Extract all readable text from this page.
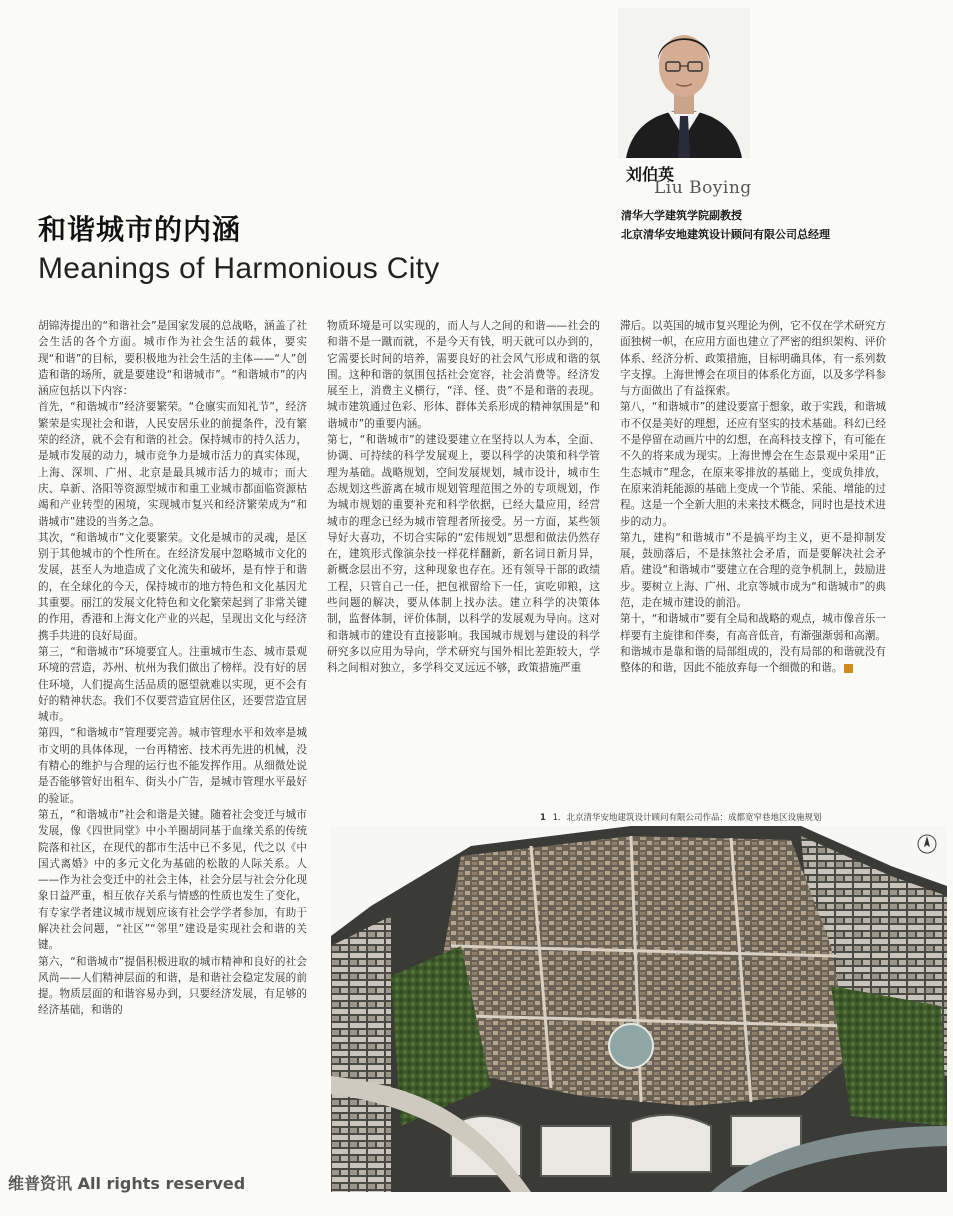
刘伯英
Liu Boying
清华大学建筑学院副教授
北京清华安地建筑设计顾问有限公司总经理
和谐城市的内涵
Meanings of Harmonious City

胡锦涛提出的“和谐社会”是国家发展的总战略，涵盖了社会生活的各个方面。城市作为社会生活的载体，要实现“和谐”的目标，要积极地为社会生活的主体——“人”创造和谐的场所，就是要建设“和谐城市”。“和谐城市”的内涵应包括以下内容：

首先，“和谐城市”经济要繁荣。“仓廪实而知礼节”，经济繁荣是实现社会和谐，人民安居乐业的前提条件，没有繁荣的经济，就不会有和谐的社会。保持城市的持久活力，是城市发展的动力，城市竞争力是城市活力的真实体现，上海、深圳、广州、北京是最具城市活力的城市；而大庆、阜新、洛阳等资源型城市和重工业城市都面临资源枯竭和产业转型的困境，实现城市复兴和经济繁荣成为“和谐城市”建设的当务之急。

其次，“和谐城市”文化要繁荣。文化是城市的灵魂，是区别于其他城市的个性所在。在经济发展中忽略城市文化的发展，甚至人为地造成了文化流失和破坏，是有悖于和谐的，在全球化的今天，保持城市的地方特色和文化基因尤其重要。丽江的发展文化特色和文化繁荣起到了非常关键的作用，香港和上海文化产业的兴起，呈现出文化与经济携手共进的良好局面。

第三，“和谐城市”环境要宜人。注重城市生态、城市景观环境的营造，苏州、杭州为我们做出了榜样。没有好的居住环境，人们提高生活品质的愿望就难以实现，更不会有好的精神状态。我们不仅要营造宜居住区，还要营造宜居城市。

第四，“和谐城市”管理要完善。城市管理水平和效率是城市文明的具体体现，一台再精密、技术再先进的机械，没有精心的维护与合理的运行也不能发挥作用。从细微处说是否能够管好出租车、街头小广告，是城市管理水平最好的验证。

第五，“和谐城市”社会和谐是关键。随着社会变迁与城市发展，像《四世同堂》中小羊圈胡同基于血缘关系的传统院落和社区，在现代的都市生活中已不多见，代之以《中国式离婚》中的多元文化为基础的松散的人际关系。人——作为社会变迁中的社会主体，社会分层与社会分化现象日益严重，相互依存关系与情感的性质也发生了变化，有专家学者建议城市规划应该有社会学学者参加，有助于解决社会问题，“社区”“邻里”建设是实现社会和谐的关键。

第六，“和谐城市”提倡积极进取的城市精神和良好的社会风尚——人们精神层面的和谐，是和谐社会稳定发展的前提。物质层面的和谐容易办到，只要经济发展，有足够的经济基础，和谐的

物质环境是可以实现的，而人与人之间的和谐——社会的和谐不是一蹴而就，不是今天有钱，明天就可以办到的，它需要长时间的培养，需要良好的社会风气形成和谐的氛围。这种和谐的氛围包括社会宽容，社会消费等。经济发展至上，消费主义横行，“洋、怪、贵”不是和谐的表现。城市建筑通过色彩、形体、群体关系形成的精神氛围是“和谐城市”的重要内涵。

第七，“和谐城市”的建设要建立在坚持以人为本，全面、协调、可持续的科学发展观上，要以科学的决策和科学管理为基础。战略规划，空间发展规划，城市设计，城市生态规划这些游离在城市规划管理范围之外的专项规划，作为城市规划的重要补充和科学依据，已经大量应用，经营城市的理念已经为城市管理者所接受。另一方面，某些领导好大喜功，不切合实际的“宏伟规划”思想和做法仍然存在，建筑形式像演杂技一样花样翻新，新名词日新月异，新概念层出不穷，这种现象也存在。还有领导干部的政绩工程，只管自己一任，把包袱留给下一任，寅吃卯粮，这些问题的解决，要从体制上找办法。建立科学的决策体制，监督体制，评价体制，以科学的发展观为导向。这对和谐城市的建设有直接影响。我国城市规划与建设的科学研究多以应用为导向，学术研究与国外相比差距较大，学科之间相对独立，多学科交叉远远不够，政策措施严重

滞后。以英国的城市复兴理论为例，它不仅在学术研究方面独树一帜，在应用方面也建立了严密的组织架构、评价体系、经济分析、政策措施，目标明确具体，有一系列数字支撑。上海世博会在项目的体系化方面，以及多学科参与方面做出了有益探索。

第八，“和谐城市”的建设要富于想象，敢于实践，和谐城市不仅是美好的理想，还应有坚实的技术基础。科幻已经不是停留在动画片中的幻想，在高科技支撑下，有可能在不久的将来成为现实。上海世博会在生态景观中采用“正生态城市”理念，在原来零排放的基础上，变成负排放，在原来消耗能源的基础上变成一个节能、采能、增能的过程。这是一个全新大胆的未来技术概念，同时也是技术进步的动力。

第九，建构“和谐城市”不是搞平均主义，更不是抑制发展，鼓励落后，不是抹煞社会矛盾，而是要解决社会矛盾。建设“和谐城市”要建立在合理的竞争机制上，鼓励进步。要树立上海、广州、北京等城市成为“和谐城市”的典范，走在城市建设的前沿。

第十，“和谐城市”要有全局和战略的观点，城市像音乐一样要有主旋律和伴奏，有高音低音，有渐强渐弱和高潮。和谐城市是靠和谐的局部组成的，没有局部的和谐就没有整体的和谐，因此不能放弃每一个细微的和谐。

1 1．北京清华安地建筑设计顾问有限公司作品：成都宽窄巷地区设施规划
维普资讯 All rights reserved
